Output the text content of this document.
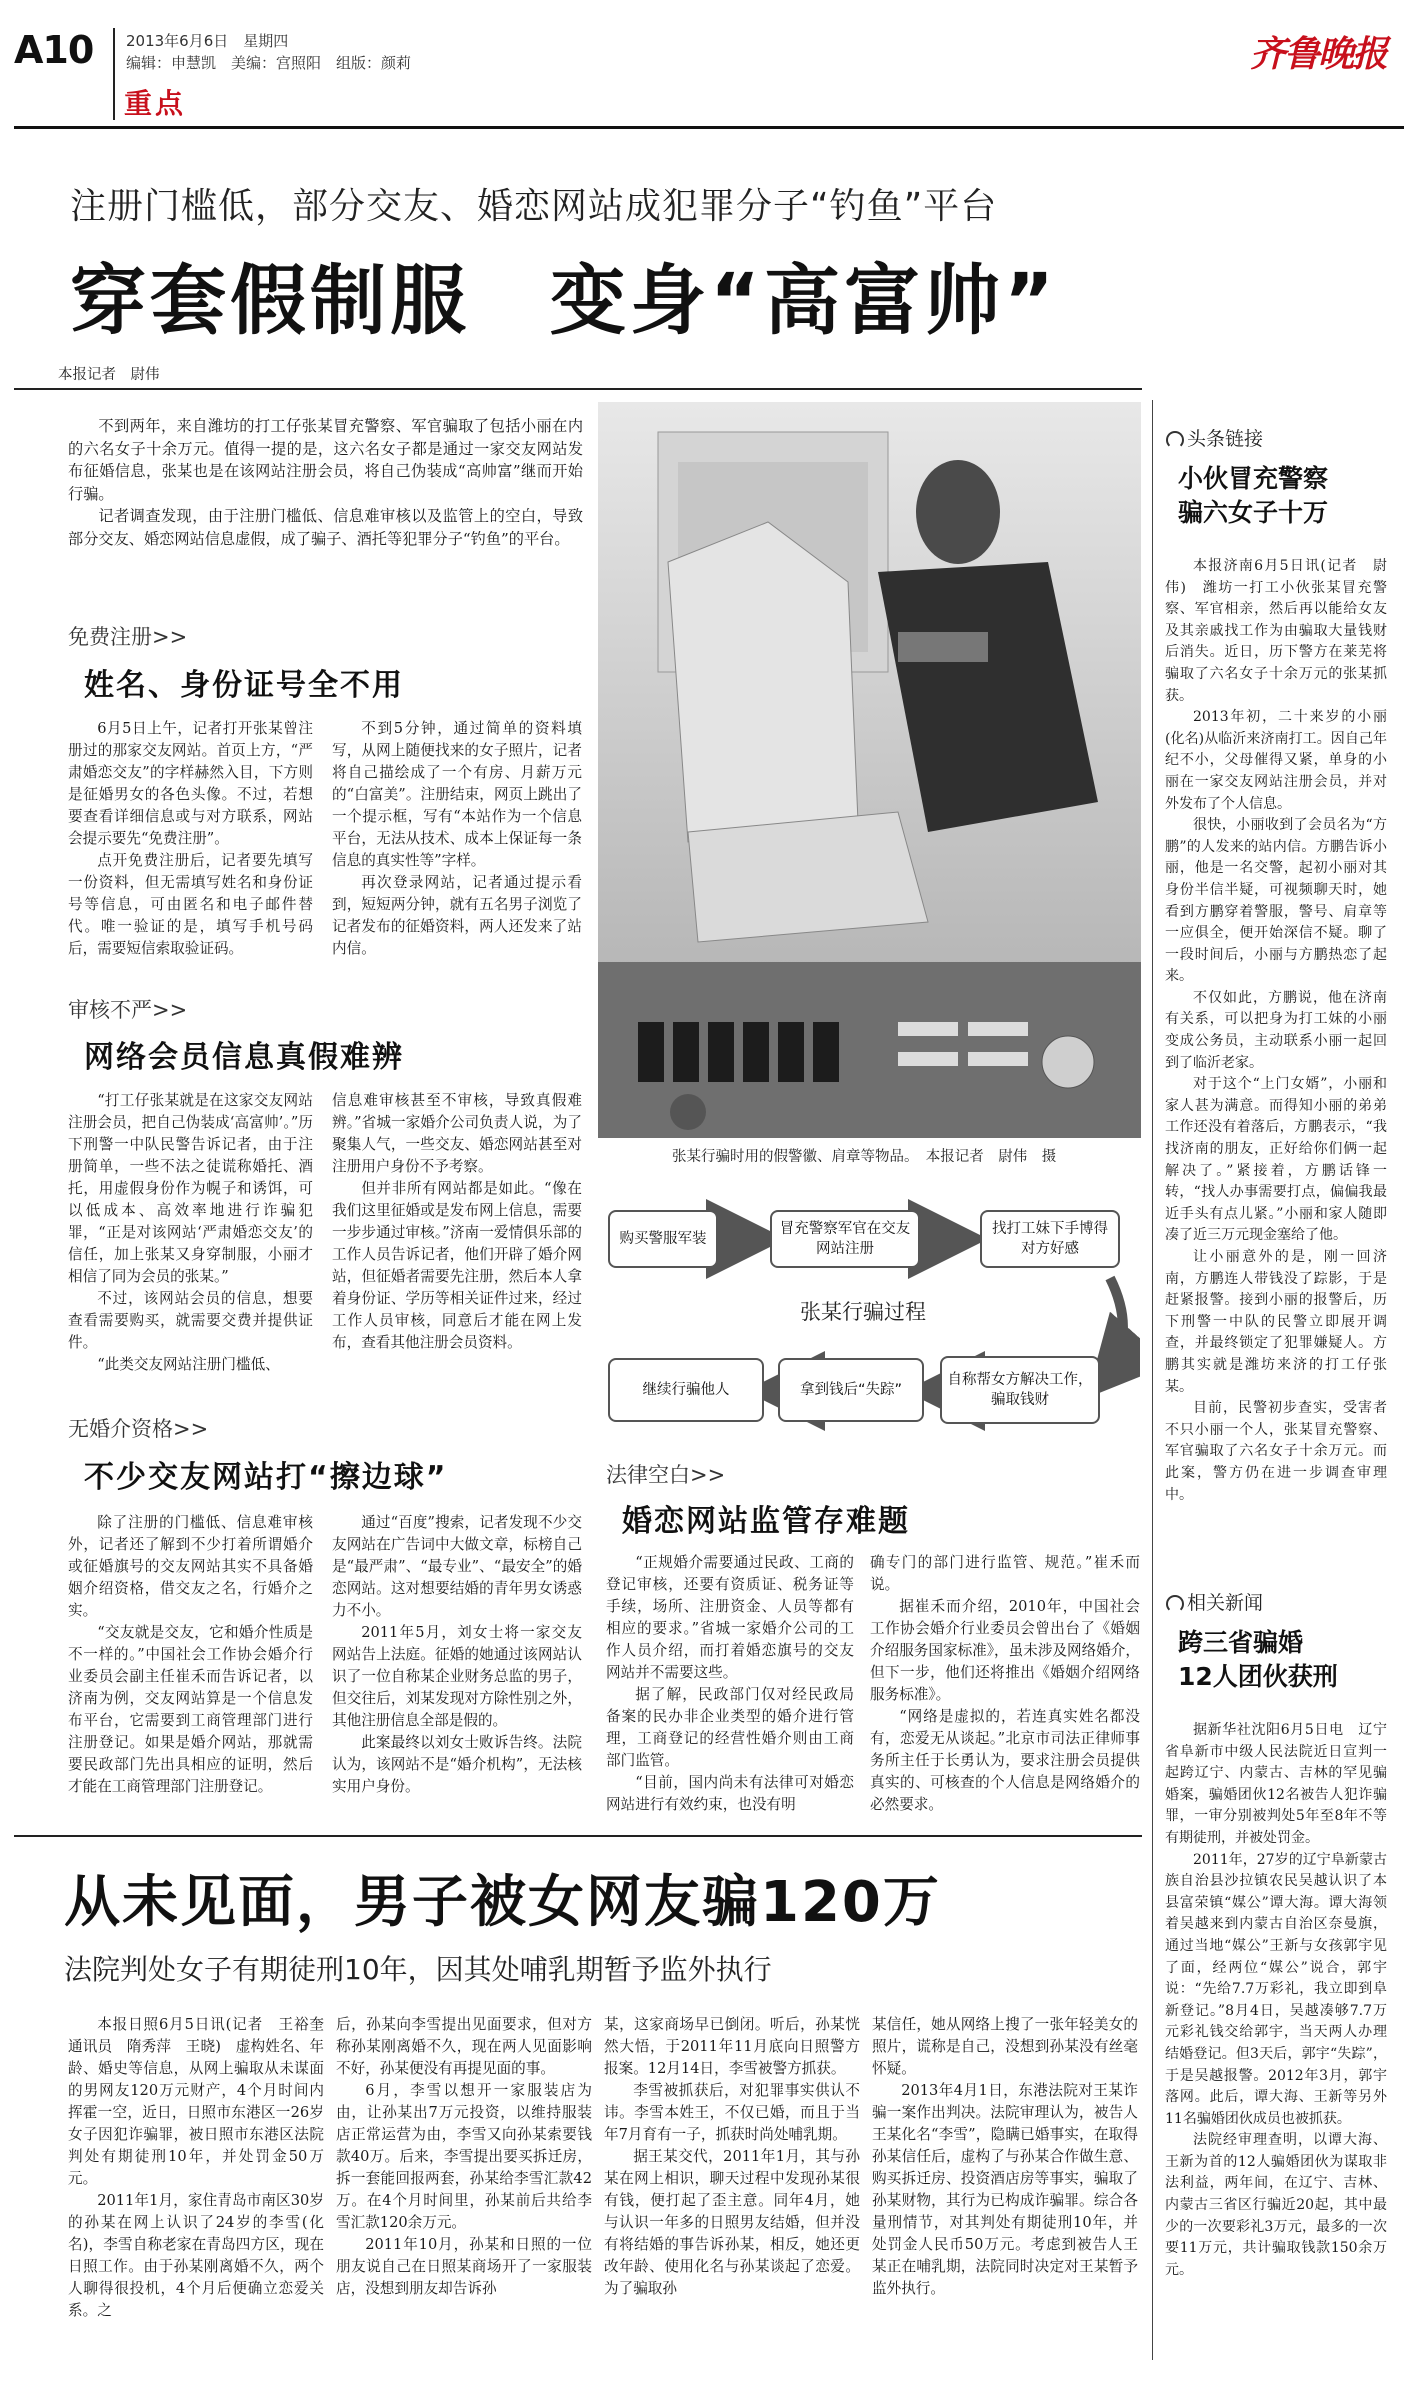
A10 2013年6月6日　星期四
编辑：申慧凯　美编：宫照阳　组版：颜莉
重点
齐鲁晚报
注册门槛低，部分交友、婚恋网站成犯罪分子“钓鱼”平台
穿套假制服　变身“高富帅”
本报记者　尉伟

不到两年，来自潍坊的打工仔张某冒充警察、军官骗取了包括小丽在内的六名女子十余万元。值得一提的是，这六名女子都是通过一家交友网站发布征婚信息，张某也是在该网站注册会员，将自己伪装成“高帅富”继而开始行骗。

记者调查发现，由于注册门槛低、信息难审核以及监管上的空白，导致部分交友、婚恋网站信息虚假，成了骗子、酒托等犯罪分子“钓鱼”的平台。

张某行骗时用的假警徽、肩章等物品。　本报记者　尉伟　摄
购买警服军装
冒充警察军官在交友网站注册
找打工妹下手博得对方好感
张某行骗过程
自称帮女方解决工作，骗取钱财
拿到钱后“失踪”
继续行骗他人
免费注册>>
姓名、身份证号全不用

6月5日上午，记者打开张某曾注册过的那家交友网站。首页上方，“严肃婚恋交友”的字样赫然入目，下方则是征婚男女的各色头像。不过，若想要查看详细信息或与对方联系，网站会提示要先“免费注册”。

点开免费注册后，记者要先填写一份资料，但无需填写姓名和身份证号等信息，可由匿名和电子邮件替代。唯一验证的是，填写手机号码后，需要短信索取验证码。

不到5分钟，通过简单的资料填写，从网上随便找来的女子照片，记者将自己描绘成了一个有房、月薪万元的“白富美”。注册结束，网页上跳出了一个提示框，写有“本站作为一个信息平台，无法从技术、成本上保证每一条信息的真实性等”字样。

再次登录网站，记者通过提示看到，短短两分钟，就有五名男子浏览了记者发布的征婚资料，两人还发来了站内信。

审核不严>>
网络会员信息真假难辨

“打工仔张某就是在这家交友网站注册会员，把自己伪装成‘高富帅’。”历下刑警一中队民警告诉记者，由于注册简单，一些不法之徒谎称婚托、酒托，用虚假身份作为幌子和诱饵，可以低成本、高效率地进行诈骗犯罪，“正是对该网站‘严肃婚恋交友’的信任，加上张某又身穿制服，小丽才相信了同为会员的张某。”

不过，该网站会员的信息，想要查看需要购买，就需要交费并提供证件。

“此类交友网站注册门槛低、

信息难审核甚至不审核，导致真假难辨。”省城一家婚介公司负责人说，为了聚集人气，一些交友、婚恋网站甚至对注册用户身份不予考察。

但并非所有网站都是如此。“像在我们这里征婚或是发布网上信息，需要一步步通过审核。”济南一爱情俱乐部的工作人员告诉记者，他们开辟了婚介网站，但征婚者需要先注册，然后本人拿着身份证、学历等相关证件过来，经过工作人员审核，同意后才能在网上发布，查看其他注册会员资料。

无婚介资格>>
不少交友网站打“擦边球”

除了注册的门槛低、信息难审核外，记者还了解到不少打着所谓婚介或征婚旗号的交友网站其实不具备婚姻介绍资格，借交友之名，行婚介之实。

“交友就是交友，它和婚介性质是不一样的。”中国社会工作协会婚介行业委员会副主任崔禾而告诉记者，以济南为例，交友网站算是一个信息发布平台，它需要到工商管理部门进行注册登记。如果是婚介网站，那就需要民政部门先出具相应的证明，然后才能在工商管理部门注册登记。

通过“百度”搜索，记者发现不少交友网站在广告词中大做文章，标榜自己是“最严肃”、“最专业”、“最安全”的婚恋网站。这对想要结婚的青年男女诱惑力不小。

2011年5月，刘女士将一家交友网站告上法庭。征婚的她通过该网站认识了一位自称某企业财务总监的男子，但交往后，刘某发现对方除性别之外，其他注册信息全部是假的。

此案最终以刘女士败诉告终。法院认为，该网站不是“婚介机构”，无法核实用户身份。

法律空白>>
婚恋网站监管存难题

“正规婚介需要通过民政、工商的登记审核，还要有资质证、税务证等手续，场所、注册资金、人员等都有相应的要求。”省城一家婚介公司的工作人员介绍，而打着婚恋旗号的交友网站并不需要这些。

据了解，民政部门仅对经民政局备案的民办非企业类型的婚介进行管理，工商登记的经营性婚介则由工商部门监管。

“目前，国内尚未有法律可对婚恋网站进行有效约束，也没有明

确专门的部门进行监管、规范。”崔禾而说。

据崔禾而介绍，2010年，中国社会工作协会婚介行业委员会曾出台了《婚姻介绍服务国家标准》，虽未涉及网络婚介，但下一步，他们还将推出《婚姻介绍网络服务标准》。

“网络是虚拟的，若连真实姓名都没有，恋爱无从谈起。”北京市司法正律师事务所主任于长勇认为，要求注册会员提供真实的、可核查的个人信息是网络婚介的必然要求。

从未见面，男子被女网友骗120万
法院判处女子有期徒刑10年，因其处哺乳期暂予监外执行

本报日照6月5日讯(记者　王裕奎　通讯员　隋秀萍　王晓)　虚构姓名、年龄、婚史等信息，从网上骗取从未谋面的男网友120万元财产，4个月时间内挥霍一空，近日，日照市东港区一26岁女子因犯诈骗罪，被日照市东港区法院判处有期徒刑10年，并处罚金50万元。

2011年1月，家住青岛市南区30岁的孙某在网上认识了24岁的李雪(化名)，李雪自称老家在青岛四方区，现在日照工作。由于孙某刚离婚不久，两个人聊得很投机，4个月后便确立恋爱关系。之

后，孙某向李雪提出见面要求，但对方称孙某刚离婚不久，现在两人见面影响不好，孙某便没有再提见面的事。

6月，李雪以想开一家服装店为由，让孙某出7万元投资，以维持服装店正常运营为由，李雪又向孙某索要钱款40万。后来，李雪提出要买拆迁房，拆一套能回报两套，孙某给李雪汇款42万。在4个月时间里，孙某前后共给李雪汇款120余万元。

2011年10月，孙某和日照的一位朋友说自己在日照某商场开了一家服装店，没想到朋友却告诉孙

某，这家商场早已倒闭。听后，孙某恍然大悟，于2011年11月底向日照警方报案。12月14日，李雪被警方抓获。

李雪被抓获后，对犯罪事实供认不讳。李雪本姓王，不仅已婚，而且于当年7月育有一子，抓获时尚处哺乳期。

据王某交代，2011年1月，其与孙某在网上相识，聊天过程中发现孙某很有钱，便打起了歪主意。同年4月，她与认识一年多的日照男友结婚，但并没有将结婚的事告诉孙某，相反，她还更改年龄、使用化名与孙某谈起了恋爱。为了骗取孙

某信任，她从网络上搜了一张年轻美女的照片，谎称是自己，没想到孙某没有丝毫怀疑。

2013年4月1日，东港法院对王某诈骗一案作出判决。法院审理认为，被告人王某化名“李雪”，隐瞒已婚事实，在取得孙某信任后，虚构了与孙某合作做生意、购买拆迁房、投资酒店房等事实，骗取了孙某财物，其行为已构成诈骗罪。综合各量刑情节，对其判处有期徒刑10年，并处罚金人民币50万元。考虑到被告人王某正在哺乳期，法院同时决定对王某暂予监外执行。

头条链接
小伙冒充警察
骗六女子十万

本报济南6月5日讯(记者　尉伟)　潍坊一打工小伙张某冒充警察、军官相亲，然后再以能给女友及其亲戚找工作为由骗取大量钱财后消失。近日，历下警方在莱芜将骗取了六名女子十余万元的张某抓获。

2013年初，二十来岁的小丽(化名)从临沂来济南打工。因自己年纪不小，父母催得又紧，单身的小丽在一家交友网站注册会员，并对外发布了个人信息。

很快，小丽收到了会员名为“方鹏”的人发来的站内信。方鹏告诉小丽，他是一名交警，起初小丽对其身份半信半疑，可视频聊天时，她看到方鹏穿着警服，警号、肩章等一应俱全，便开始深信不疑。聊了一段时间后，小丽与方鹏热恋了起来。

不仅如此，方鹏说，他在济南有关系，可以把身为打工妹的小丽变成公务员，主动联系小丽一起回到了临沂老家。

对于这个“上门女婿”，小丽和家人甚为满意。而得知小丽的弟弟工作还没有着落后，方鹏表示，“我找济南的朋友，正好给你们俩一起解决了。”紧接着，方鹏话锋一转，“找人办事需要打点，偏偏我最近手头有点儿紧。”小丽和家人随即凑了近三万元现金塞给了他。

让小丽意外的是，刚一回济南，方鹏连人带钱没了踪影，于是赶紧报警。接到小丽的报警后，历下刑警一中队的民警立即展开调查，并最终锁定了犯罪嫌疑人。方鹏其实就是潍坊来济的打工仔张某。

目前，民警初步查实，受害者不只小丽一个人，张某冒充警察、军官骗取了六名女子十余万元。而此案，警方仍在进一步调查审理中。

相关新闻
跨三省骗婚
12人团伙获刑

据新华社沈阳6月5日电　辽宁省阜新市中级人民法院近日宣判一起跨辽宁、内蒙古、吉林的罕见骗婚案，骗婚团伙12名被告人犯诈骗罪，一审分别被判处5年至8年不等有期徒刑，并被处罚金。

2011年，27岁的辽宁阜新蒙古族自治县沙拉镇农民吴越认识了本县富荣镇“媒公”谭大海。谭大海领着吴越来到内蒙古自治区奈曼旗，通过当地“媒公”王新与女孩郭宇见了面，经两位“媒公”说合，郭宇说：“先给7.7万彩礼，我立即到阜新登记。”8月4日，吴越凑够7.7万元彩礼钱交给郭宇，当天两人办理结婚登记。但3天后，郭宇“失踪”，于是吴越报警。2012年3月，郭宇落网。此后，谭大海、王新等另外11名骗婚团伙成员也被抓获。

法院经审理查明，以谭大海、王新为首的12人骗婚团伙为谋取非法利益，两年间，在辽宁、吉林、内蒙古三省区行骗近20起，其中最少的一次要彩礼3万元，最多的一次要11万元，共计骗取钱款150余万元。
